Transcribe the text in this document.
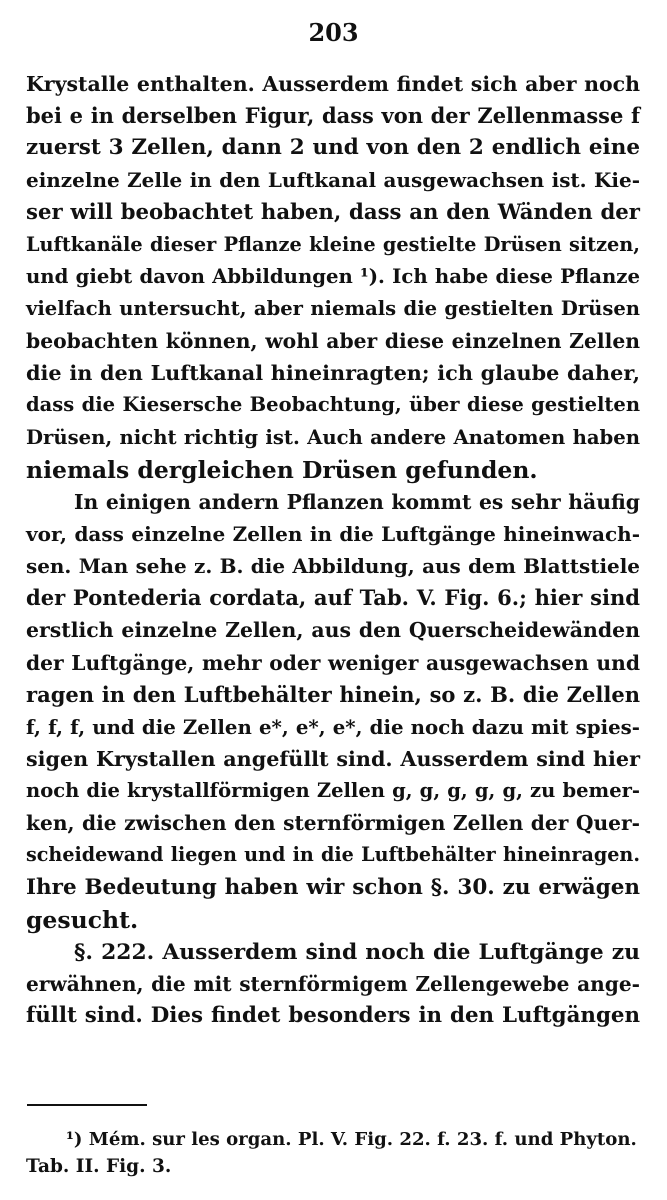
203
Krystalle enthalten. Ausserdem findet sich aber noch
bei e in derselben Figur, dass von der Zellenmasse f
zuerst 3 Zellen, dann 2 und von den 2 endlich eine
einzelne Zelle in den Luftkanal ausgewachsen ist. Kie-
ser will beobachtet haben, dass an den Wänden der
Luftkanäle dieser Pflanze kleine gestielte Drüsen sitzen,
und giebt davon Abbildungen ¹). Ich habe diese Pflanze
vielfach untersucht, aber niemals die gestielten Drüsen
beobachten können, wohl aber diese einzelnen Zellen
die in den Luftkanal hineinragten; ich glaube daher,
dass die Kiesersche Beobachtung, über diese gestielten
Drüsen, nicht richtig ist. Auch andere Anatomen haben
niemals dergleichen Drüsen gefunden.
In einigen andern Pflanzen kommt es sehr häufig
vor, dass einzelne Zellen in die Luftgänge hineinwach-
sen. Man sehe z. B. die Abbildung, aus dem Blattstiele
der Pontederia cordata, auf Tab. V. Fig. 6.; hier sind
erstlich einzelne Zellen, aus den Querscheidewänden
der Luftgänge, mehr oder weniger ausgewachsen und
ragen in den Luftbehälter hinein, so z. B. die Zellen
f, f, f, und die Zellen e*, e*, e*, die noch dazu mit spies-
sigen Krystallen angefüllt sind. Ausserdem sind hier
noch die krystallförmigen Zellen g, g, g, g, g, zu bemer-
ken, die zwischen den sternförmigen Zellen der Quer-
scheidewand liegen und in die Luftbehälter hineinragen.
Ihre Bedeutung haben wir schon §. 30. zu erwägen
gesucht.
§. 222. Ausserdem sind noch die Luftgänge zu
erwähnen, die mit sternförmigem Zellengewebe ange-
füllt sind. Dies findet besonders in den Luftgängen
¹) Mém. sur les organ. Pl. V. Fig. 22. f. 23. f. und Phyton.
Tab. II. Fig. 3.
